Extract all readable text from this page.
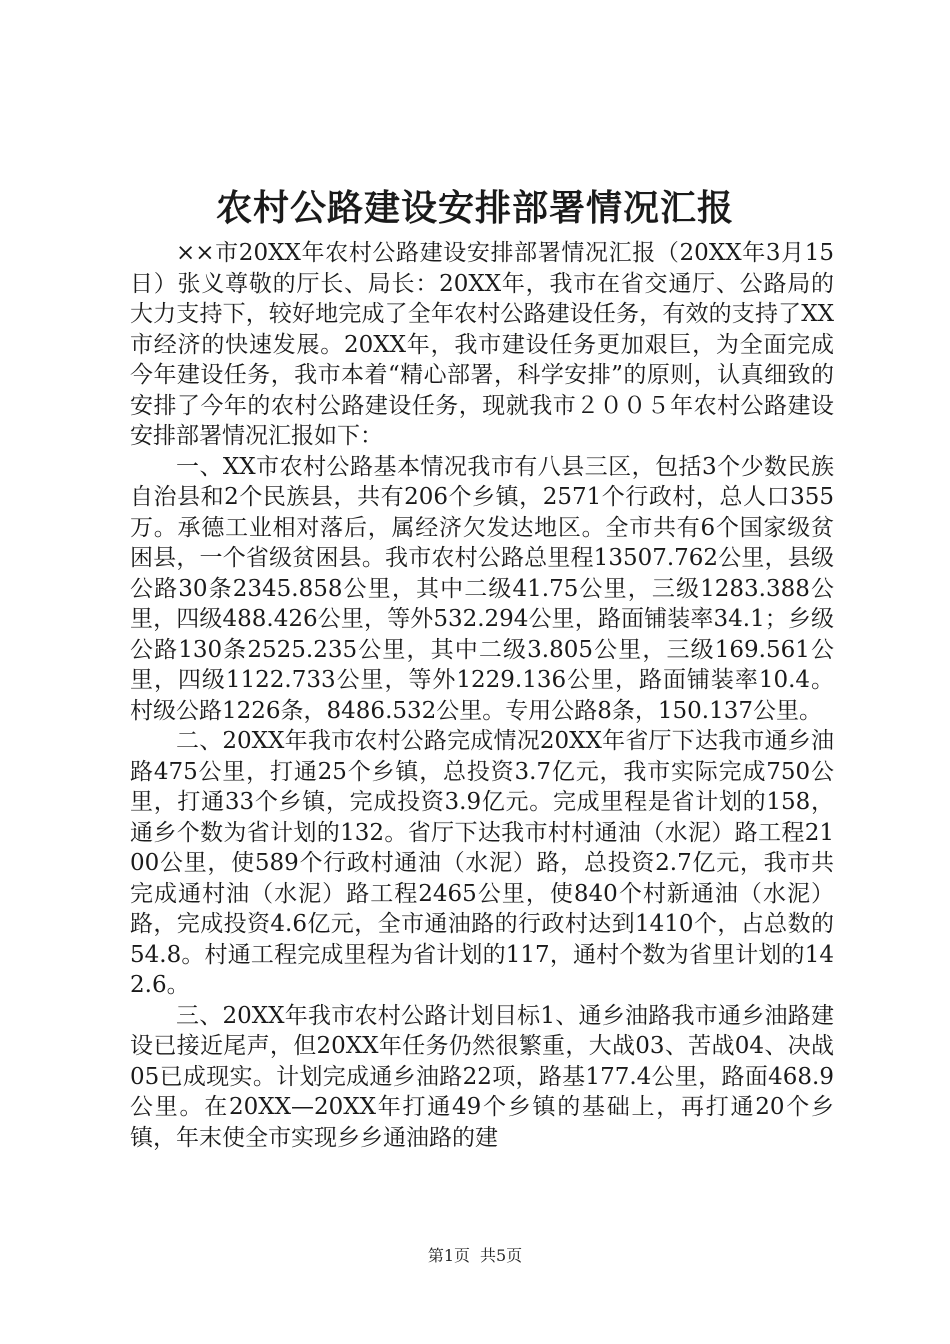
农村公路建设安排部署情况汇报

××市20XX年农村公路建设安排部署情况汇报（20XX年3月15日）张义尊敬的厅长、局长：20XX年，我市在省交通厅、公路局的大力支持下，较好地完成了全年农村公路建设任务，有效的支持了XX市经济的快速发展。20XX年，我市建设任务更加艰巨，为全面完成今年建设任务，我市本着“精心部署，科学安排”的原则，认真细致的安排了今年的农村公路建设任务，现就我市２００５年农村公路建设安排部署情况汇报如下：

一、XX市农村公路基本情况我市有八县三区，包括3个少数民族自治县和2个民族县，共有206个乡镇，2571个行政村，总人口355万。承德工业相对落后，属经济欠发达地区。全市共有6个国家级贫困县，一个省级贫困县。我市农村公路总里程13507.762公里，县级公路30条2345.858公里，其中二级41.75公里，三级1283.388公里，四级488.426公里，等外532.294公里，路面铺装率34.1；乡级公路130条2525.235公里，其中二级3.805公里，三级169.561公里，四级1122.733公里，等外1229.136公里，路面铺装率10.4。村级公路1226条，8486.532公里。专用公路8条，150.137公里。

二、20XX年我市农村公路完成情况20XX年省厅下达我市通乡油路475公里，打通25个乡镇，总投资3.7亿元，我市实际完成750公里，打通33个乡镇，完成投资3.9亿元。完成里程是省计划的158，通乡个数为省计划的132。省厅下达我市村村通油（水泥）路工程2100公里，使589个行政村通油（水泥）路，总投资2.7亿元，我市共完成通村油（水泥）路工程2465公里，使840个村新通油（水泥）路，完成投资4.6亿元，全市通油路的行政村达到1410个，占总数的54.8。村通工程完成里程为省计划的117，通村个数为省里计划的142.6。

三、20XX年我市农村公路计划目标1、通乡油路我市通乡油路建设已接近尾声，但20XX年任务仍然很繁重，大战03、苦战04、决战05已成现实。计划完成通乡油路22项，路基177.4公里，路面468.9公里。在20XX—20XX年打通49个乡镇的基础上，再打通20个乡镇，年末使全市实现乡乡通油路的建

第1页 共5页
